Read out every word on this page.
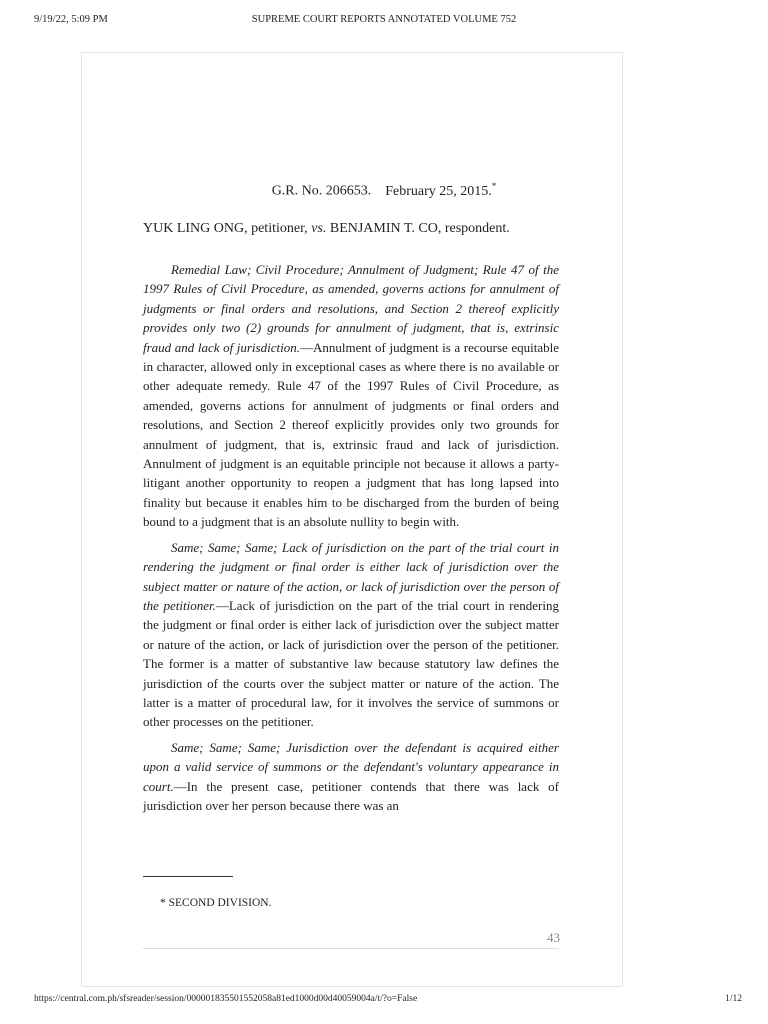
9/19/22, 5:09 PM	SUPREME COURT REPORTS ANNOTATED VOLUME 752
G.R. No. 206653. February 25, 2015.*
YUK LING ONG, petitioner, vs. BENJAMIN T. CO, respondent.

Remedial Law; Civil Procedure; Annulment of Judgment; Rule 47 of the 1997 Rules of Civil Procedure, as amended, governs actions for annulment of judgments or final orders and resolutions, and Section 2 thereof explicitly provides only two (2) grounds for annulment of judgment, that is, extrinsic fraud and lack of jurisdiction.—Annulment of judgment is a recourse equitable in character, allowed only in exceptional cases as where there is no available or other adequate remedy. Rule 47 of the 1997 Rules of Civil Procedure, as amended, governs actions for annulment of judgments or final orders and resolutions, and Section 2 thereof explicitly provides only two grounds for annulment of judgment, that is, extrinsic fraud and lack of jurisdiction. Annulment of judgment is an equitable principle not because it allows a party-litigant another opportunity to reopen a judgment that has long lapsed into finality but because it enables him to be discharged from the burden of being bound to a judgment that is an absolute nullity to begin with.

Same; Same; Same; Lack of jurisdiction on the part of the trial court in rendering the judgment or final order is either lack of jurisdiction over the subject matter or nature of the action, or lack of jurisdiction over the person of the petitioner.—Lack of jurisdiction on the part of the trial court in rendering the judgment or final order is either lack of jurisdiction over the subject matter or nature of the action, or lack of jurisdiction over the person of the petitioner. The former is a matter of substantive law because statutory law defines the jurisdiction of the courts over the subject matter or nature of the action. The latter is a matter of procedural law, for it involves the service of summons or other processes on the petitioner.

Same; Same; Same; Jurisdiction over the defendant is acquired either upon a valid service of summons or the defendant's voluntary appearance in court.—In the present case, petitioner contends that there was lack of jurisdiction over her person because there was an

* SECOND DIVISION.
43
https://central.com.ph/sfsreader/session/0000018355015520​58a81ed1000d00d40059004a/t/?o=False	1/12
